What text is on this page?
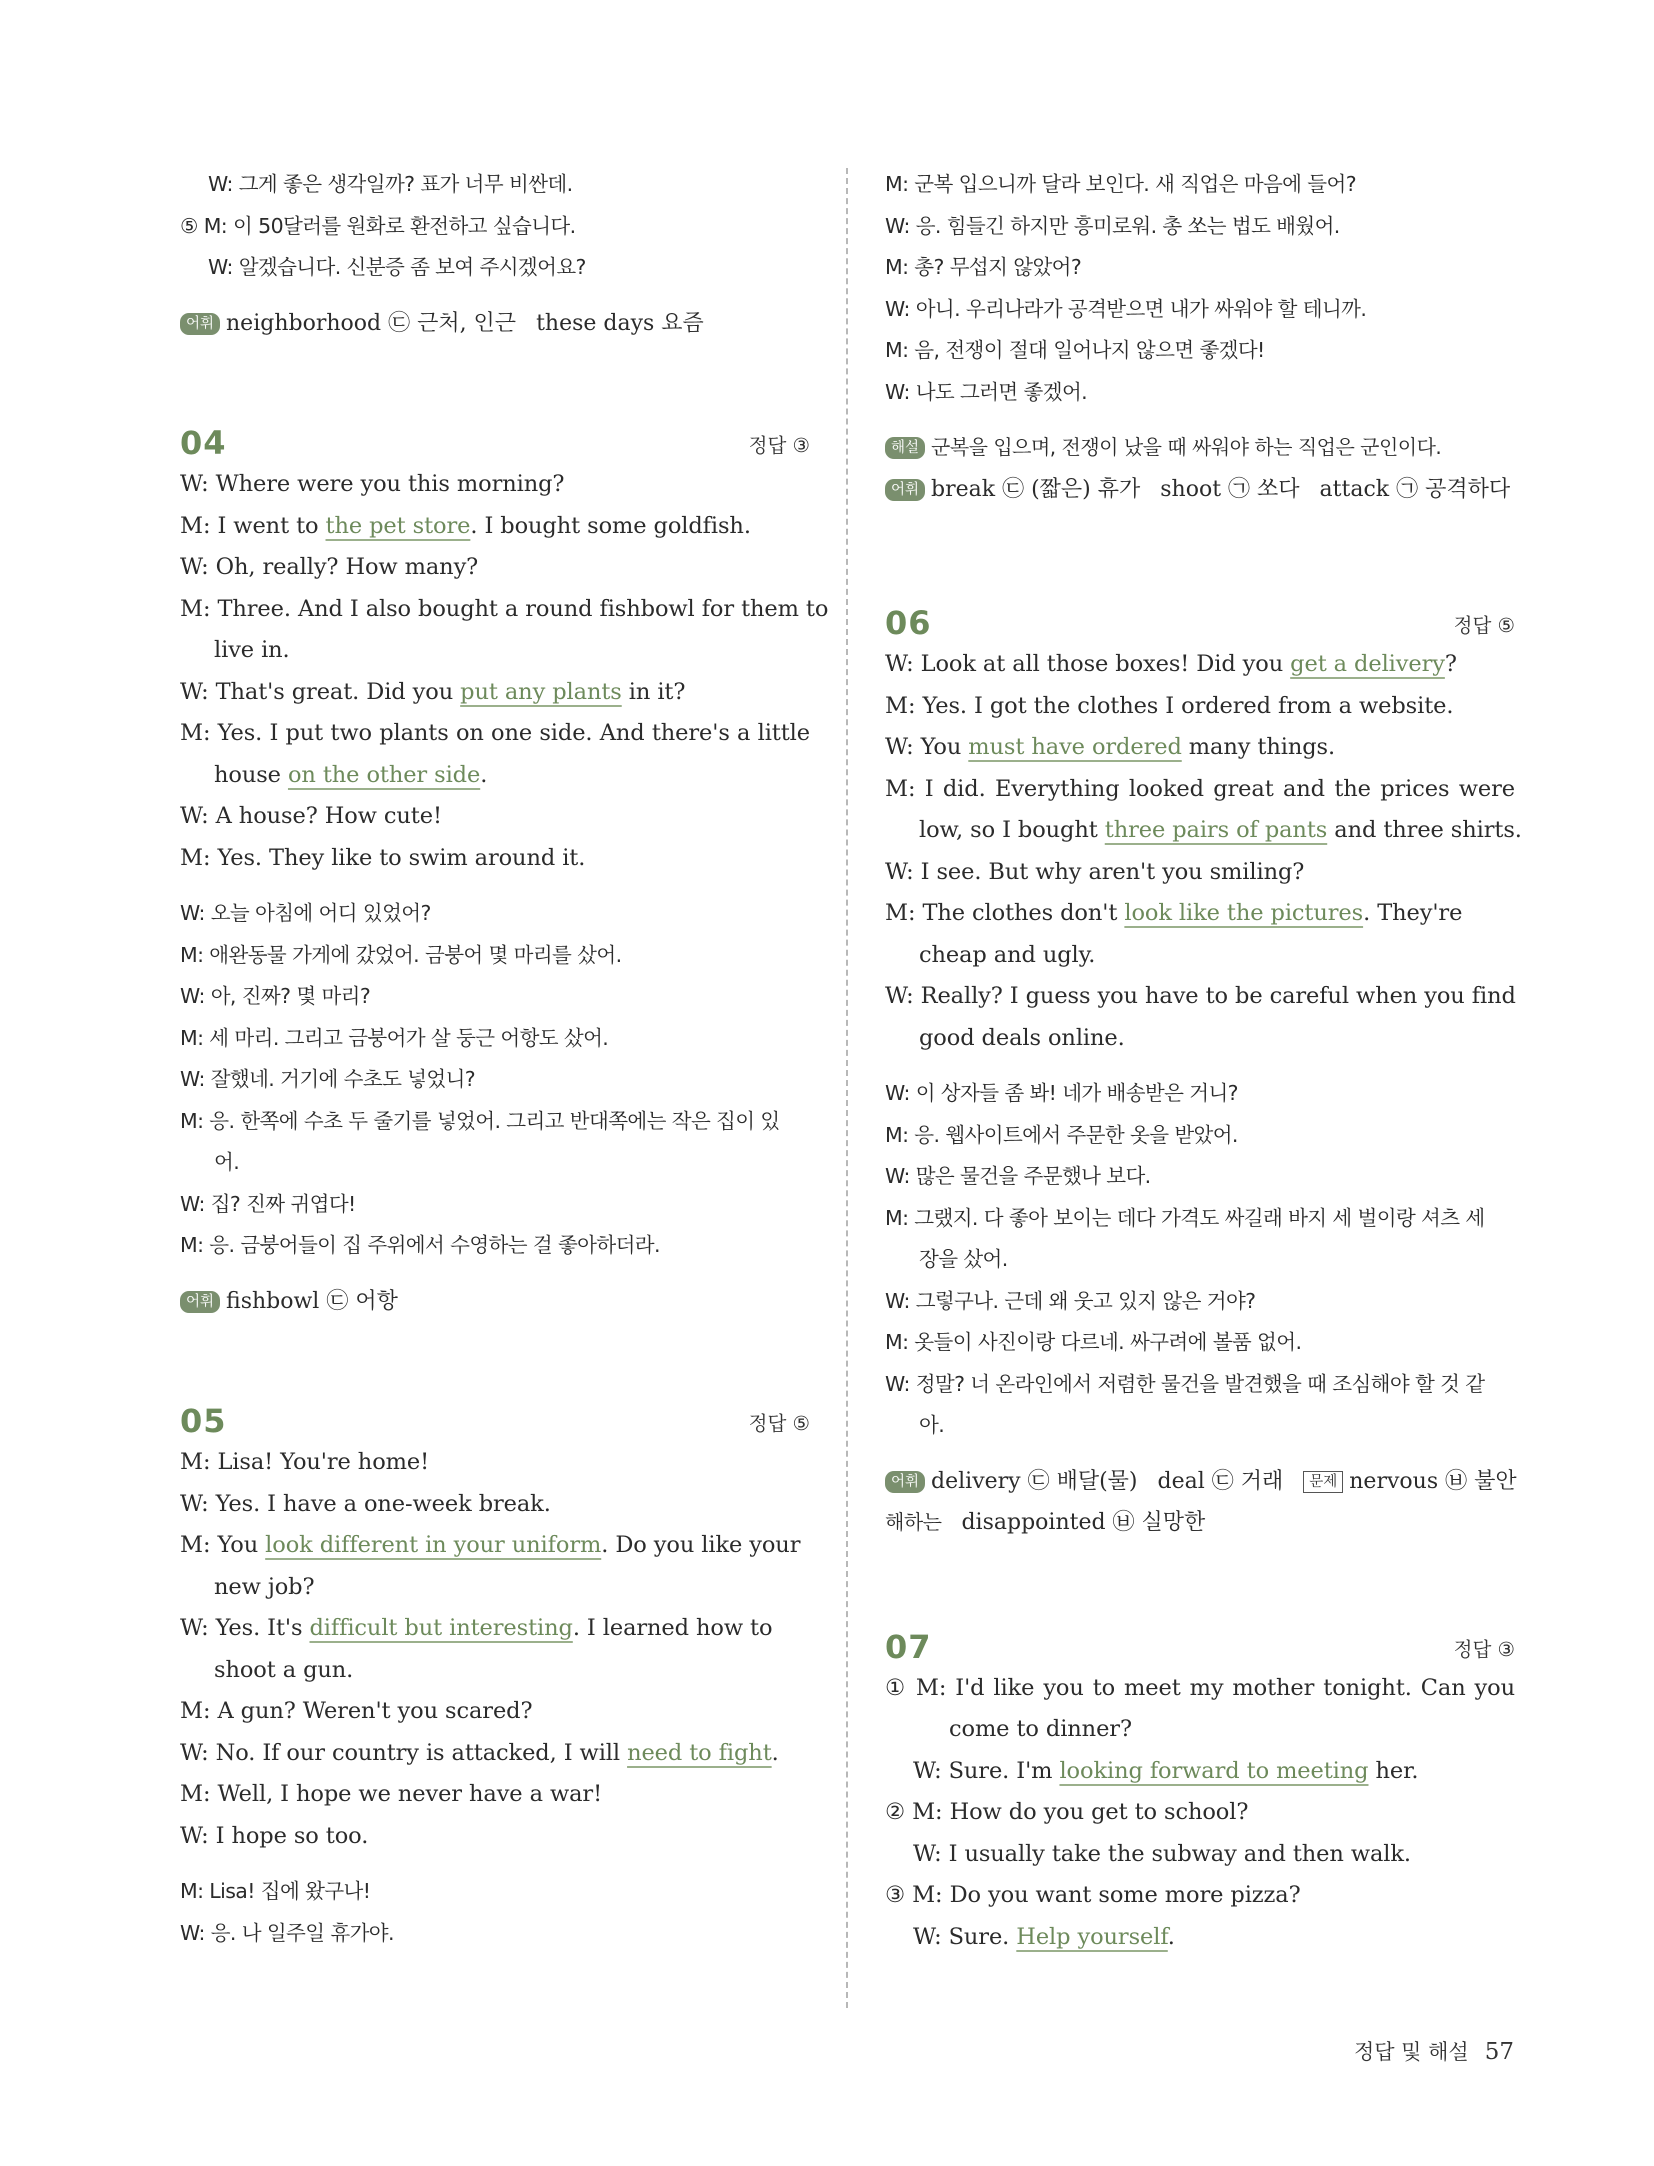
W: 그게 좋은 생각일까? 표가 너무 비싼데.
⑤ M: 이 50달러를 원화로 환전하고 싶습니다.
W: 알겠습니다. 신분증 좀 보여 주시겠어요?
어휘 neighborhood ㉢ 근처, 인근 these days 요즘
04	정답 ③
W: Where were you this morning?
M: I went to the pet store. I bought some goldfish.
W: Oh, really? How many?
M: Three. And I also bought a round fishbowl for them to
live in.
W: That's great. Did you put any plants in it?
M: Yes. I put two plants on one side. And there's a little
house on the other side.
W: A house? How cute!
M: Yes. They like to swim around it.
W: 오늘 아침에 어디 있었어?
M: 애완동물 가게에 갔었어. 금붕어 몇 마리를 샀어.
W: 아, 진짜? 몇 마리?
M: 세 마리. 그리고 금붕어가 살 둥근 어항도 샀어.
W: 잘했네. 거기에 수초도 넣었니?
M: 응. 한쪽에 수초 두 줄기를 넣었어. 그리고 반대쪽에는 작은 집이 있
어.
W: 집? 진짜 귀엽다!
M: 응. 금붕어들이 집 주위에서 수영하는 걸 좋아하더라.
어휘 fishbowl ㉢ 어항
05	정답 ⑤
M: Lisa! You're home!
W: Yes. I have a one-week break.
M: You look different in your uniform. Do you like your
new job?
W: Yes. It's difficult but interesting. I learned how to
shoot a gun.
M: A gun? Weren't you scared?
W: No. If our country is attacked, I will need to fight.
M: Well, I hope we never have a war!
W: I hope so too.
M: Lisa! 집에 왔구나!
W: 응. 나 일주일 휴가야.
M: 군복 입으니까 달라 보인다. 새 직업은 마음에 들어?
W: 응. 힘들긴 하지만 흥미로워. 총 쏘는 법도 배웠어.
M: 총? 무섭지 않았어?
W: 아니. 우리나라가 공격받으면 내가 싸워야 할 테니까.
M: 음, 전쟁이 절대 일어나지 않으면 좋겠다!
W: 나도 그러면 좋겠어.
해설 군복을 입으며, 전쟁이 났을 때 싸워야 하는 직업은 군인이다.
어휘 break ㉢ (짧은) 휴가 shoot ㉠ 쏘다 attack ㉠ 공격하다
06	정답 ⑤
W: Look at all those boxes! Did you get a delivery?
M: Yes. I got the clothes I ordered from a website.
W: You must have ordered many things.
M: I did. Everything looked great and the prices were
low, so I bought three pairs of pants and three shirts.
W: I see. But why aren't you smiling?
M: The clothes don't look like the pictures. They're
cheap and ugly.
W: Really? I guess you have to be careful when you find
good deals online.
W: 이 상자들 좀 봐! 네가 배송받은 거니?
M: 응. 웹사이트에서 주문한 옷을 받았어.
W: 많은 물건을 주문했나 보다.
M: 그랬지. 다 좋아 보이는 데다 가격도 싸길래 바지 세 벌이랑 셔츠 세
장을 샀어.
W: 그렇구나. 근데 왜 웃고 있지 않은 거야?
M: 옷들이 사진이랑 다르네. 싸구려에 볼품 없어.
W: 정말? 너 온라인에서 저렴한 물건을 발견했을 때 조심해야 할 것 같
아.
어휘 delivery ㉢ 배달(물) deal ㉢ 거래 문제 nervous ㉥ 불안
해하는 disappointed ㉥ 실망한
07	정답 ③
① M: I'd like you to meet my mother tonight. Can you
come to dinner?
W: Sure. I'm looking forward to meeting her.
② M: How do you get to school?
W: I usually take the subway and then walk.
③ M: Do you want some more pizza?
W: Sure. Help yourself.
정답 및 해설 57
